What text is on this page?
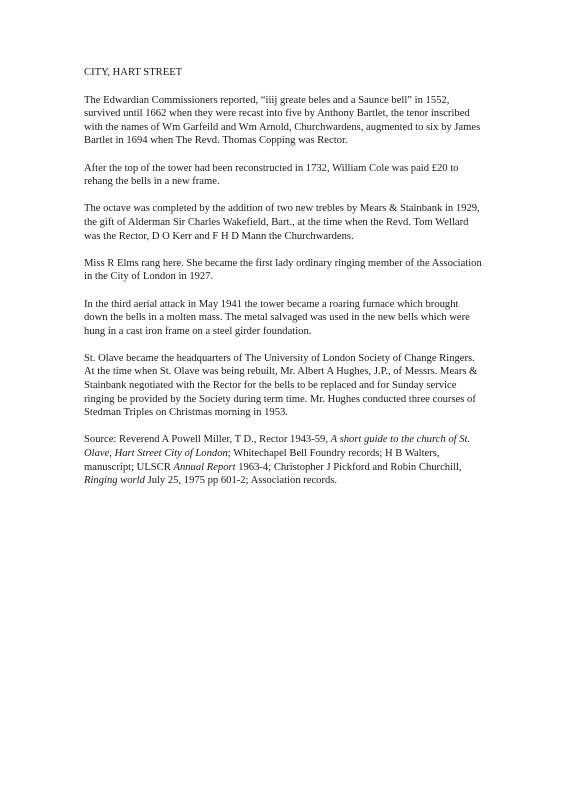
CITY, HART STREET
The Edwardian Commissioners reported, “iiij greate beles and a Saunce bell” in 1552, survived until 1662 when they were recast into five by Anthony Bartlet, the tenor inscribed with the names of Wm Garfeild and Wm Arnold, Churchwardens, augmented to six by James Bartlet in 1694 when The Revd. Thomas Copping was Rector.
After the top of the tower had been reconstructed in 1732, William Cole was paid £20 to rehang the bells in a new frame.
The octave was completed by the addition of two new trebles by Mears & Stainbank in 1929, the gift of Alderman Sir Charles Wakefield, Bart., at the time when the Revd. Tom Wellard was the Rector, D O Kerr and F H D Mann the Churchwardens.
Miss R Elms rang here. She became the first lady ordinary ringing member of the Association in the City of London in 1927.
In the third aerial attack in May 1941 the tower became a roaring furnace which brought down the bells in a molten mass. The metal salvaged was used in the new bells which were hung in a cast iron frame on a steel girder foundation.
St. Olave became the headquarters of The University of London Society of Change Ringers. At the time when St. Olave was being rebuilt, Mr. Albert A Hughes, J.P., of Messrs. Mears & Stainbank negotiated with the Rector for the bells to be replaced and for Sunday service ringing be provided by the Society during term time. Mr. Hughes conducted three courses of Stedman Triples on Christmas morning in 1953.
Source: Reverend A Powell Miller, T D., Rector 1943-59, A short guide to the church of St. Olave, Hart Street City of London; Whitechapel Bell Foundry records; H B Walters, manuscript; ULSCR Annual Report 1963-4; Christopher J Pickford and Robin Churchill, Ringing world July 25, 1975 pp 601-2; Association records.
